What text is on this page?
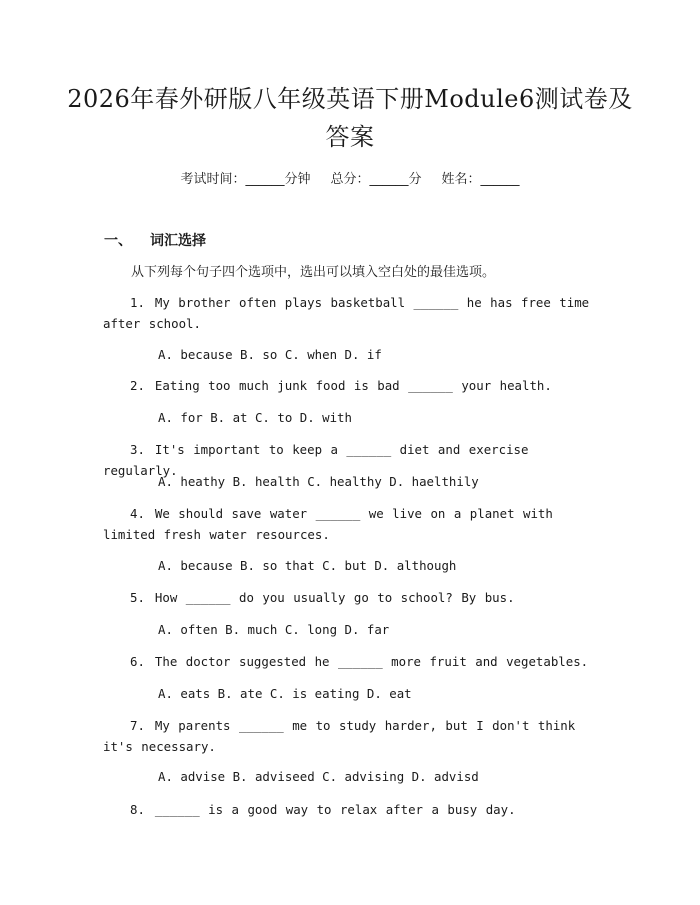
2026年春外研版八年级英语下册Module6测试卷及答案
考试时间：______分钟 总分：______分 姓名：______
一、 词汇选择
从下列每个句子四个选项中，选出可以填入空白处的最佳选项。
1. My brother often plays basketball ______ he has free time after school.
A. because B. so C. when D. if
2. Eating too much junk food is bad ______ your health.
A. for B. at C. to D. with
3. It's important to keep a ______ diet and exercise regularly.
A. heathy B. health C. healthy D. haelthily
4. We should save water ______ we live on a planet with limited fresh water resources.
A. because B. so that C. but D. although
5. How ______ do you usually go to school? By bus.
A. often B. much C. long D. far
6. The doctor suggested he ______ more fruit and vegetables.
A. eats B. ate C. is eating D. eat
7. My parents ______ me to study harder, but I don't think it's necessary.
A. advise B. adviseed C. advising D. advisd
8. ______ is a good way to relax after a busy day.
